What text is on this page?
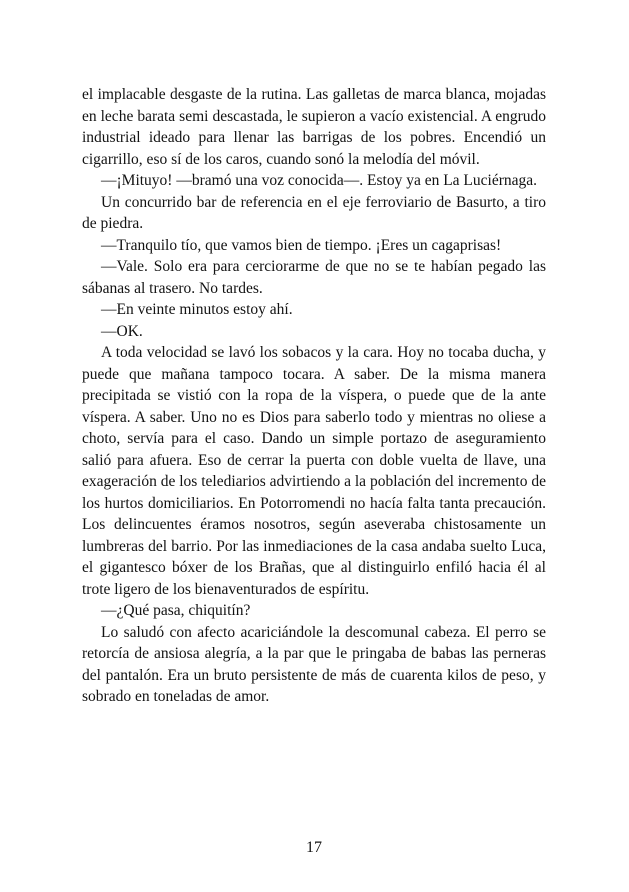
el implacable desgaste de la rutina. Las galletas de marca blanca, mojadas en leche barata semi descastada, le supieron a vacío existencial. A engrudo industrial ideado para llenar las barrigas de los pobres. Encendió un cigarrillo, eso sí de los caros, cuando sonó la melodía del móvil.

—¡Mituyo! —bramó una voz conocida—. Estoy ya en La Luciérnaga.

Un concurrido bar de referencia en el eje ferroviario de Basurto, a tiro de piedra.

—Tranquilo tío, que vamos bien de tiempo. ¡Eres un cagaprisas!

—Vale. Solo era para cerciorarme de que no se te habían pegado las sábanas al trasero. No tardes.

—En veinte minutos estoy ahí.

—OK.

A toda velocidad se lavó los sobacos y la cara. Hoy no tocaba ducha, y puede que mañana tampoco tocara. A saber. De la misma manera precipitada se vistió con la ropa de la víspera, o puede que de la ante víspera. A saber. Uno no es Dios para saberlo todo y mientras no oliese a choto, servía para el caso. Dando un simple portazo de aseguramiento salió para afuera. Eso de cerrar la puerta con doble vuelta de llave, una exageración de los telediarios advirtiendo a la población del incremento de los hurtos domiciliarios. En Potorromendi no hacía falta tanta precaución. Los delincuentes éramos nosotros, según aseveraba chistosamente un lumbreras del barrio. Por las inmediaciones de la casa andaba suelto Luca, el gigantesco bóxer de los Brañas, que al distinguirlo enfiló hacia él al trote ligero de los bienaventurados de espíritu.

—¿Qué pasa, chiquitín?

Lo saludó con afecto acariciándole la descomunal cabeza. El perro se retorcía de ansiosa alegría, a la par que le pringaba de babas las perneras del pantalón. Era un bruto persistente de más de cuarenta kilos de peso, y sobrado en toneladas de amor.

17
